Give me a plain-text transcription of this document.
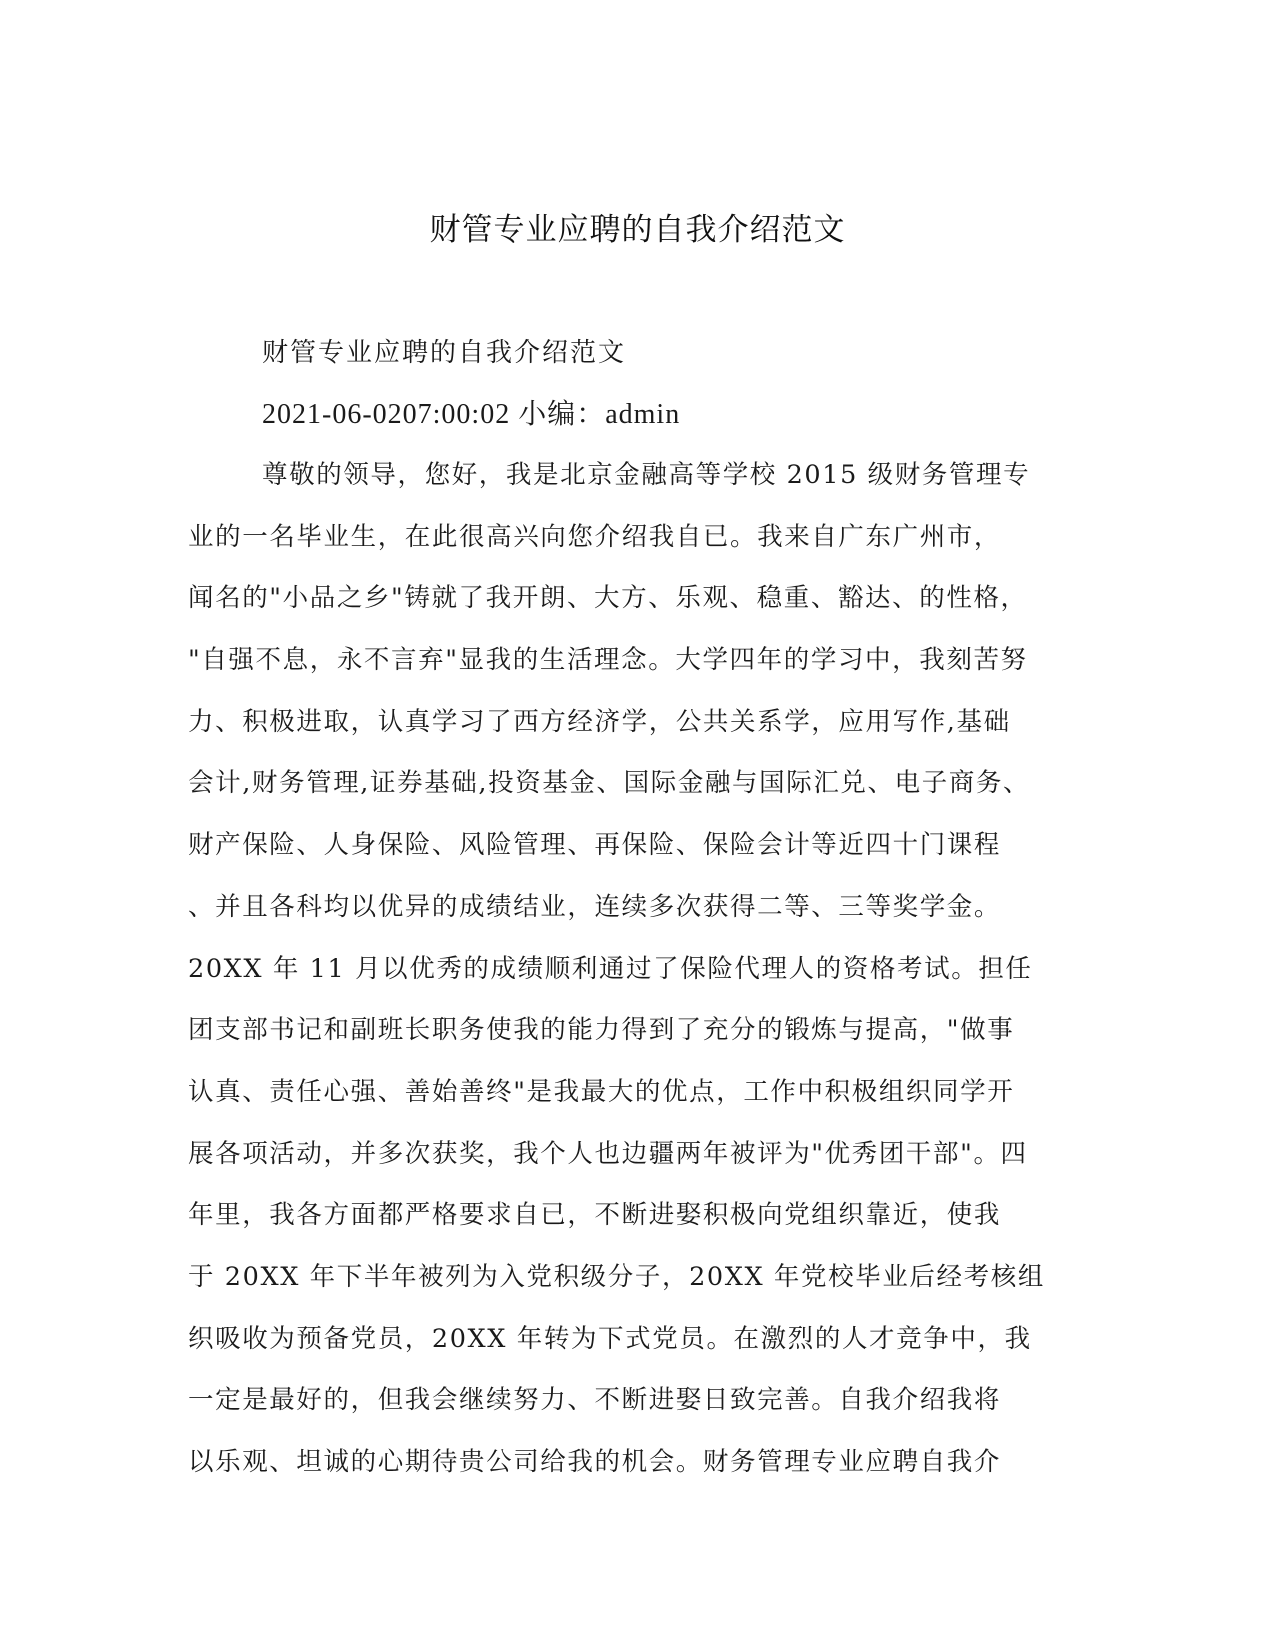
财管专业应聘的自我介绍范文
财管专业应聘的自我介绍范文
2021-06-0207:00:02 小编：admin
尊敬的领导，您好，我是北京金融高等学校 2015 级财务管理专
业的一名毕业生，在此很高兴向您介绍我自已。我来自广东广州市，
闻名的"小品之乡"铸就了我开朗、大方、乐观、稳重、豁达、的性格，
"自强不息，永不言弃"显我的生活理念。大学四年的学习中，我刻苦努
力、积极进取，认真学习了西方经济学，公共关系学，应用写作,基础
会计,财务管理,证券基础,投资基金、国际金融与国际汇兑、电子商务、
财产保险、人身保险、风险管理、再保险、保险会计等近四十门课程
、并且各科均以优异的成绩结业，连续多次获得二等、三等奖学金。
20XX 年 11 月以优秀的成绩顺利通过了保险代理人的资格考试。担任
团支部书记和副班长职务使我的能力得到了充分的锻炼与提高，"做事
认真、责任心强、善始善终"是我最大的优点，工作中积极组织同学开
展各项活动，并多次获奖，我个人也边疆两年被评为"优秀团干部"。四
年里，我各方面都严格要求自已，不断进娶积极向党组织靠近，使我
于 20XX 年下半年被列为入党积级分子，20XX 年党校毕业后经考核组
织吸收为预备党员，20XX 年转为下式党员。在激烈的人才竞争中，我
一定是最好的，但我会继续努力、不断进娶日致完善。自我介绍我将
以乐观、坦诚的心期待贵公司给我的机会。财务管理专业应聘自我介
